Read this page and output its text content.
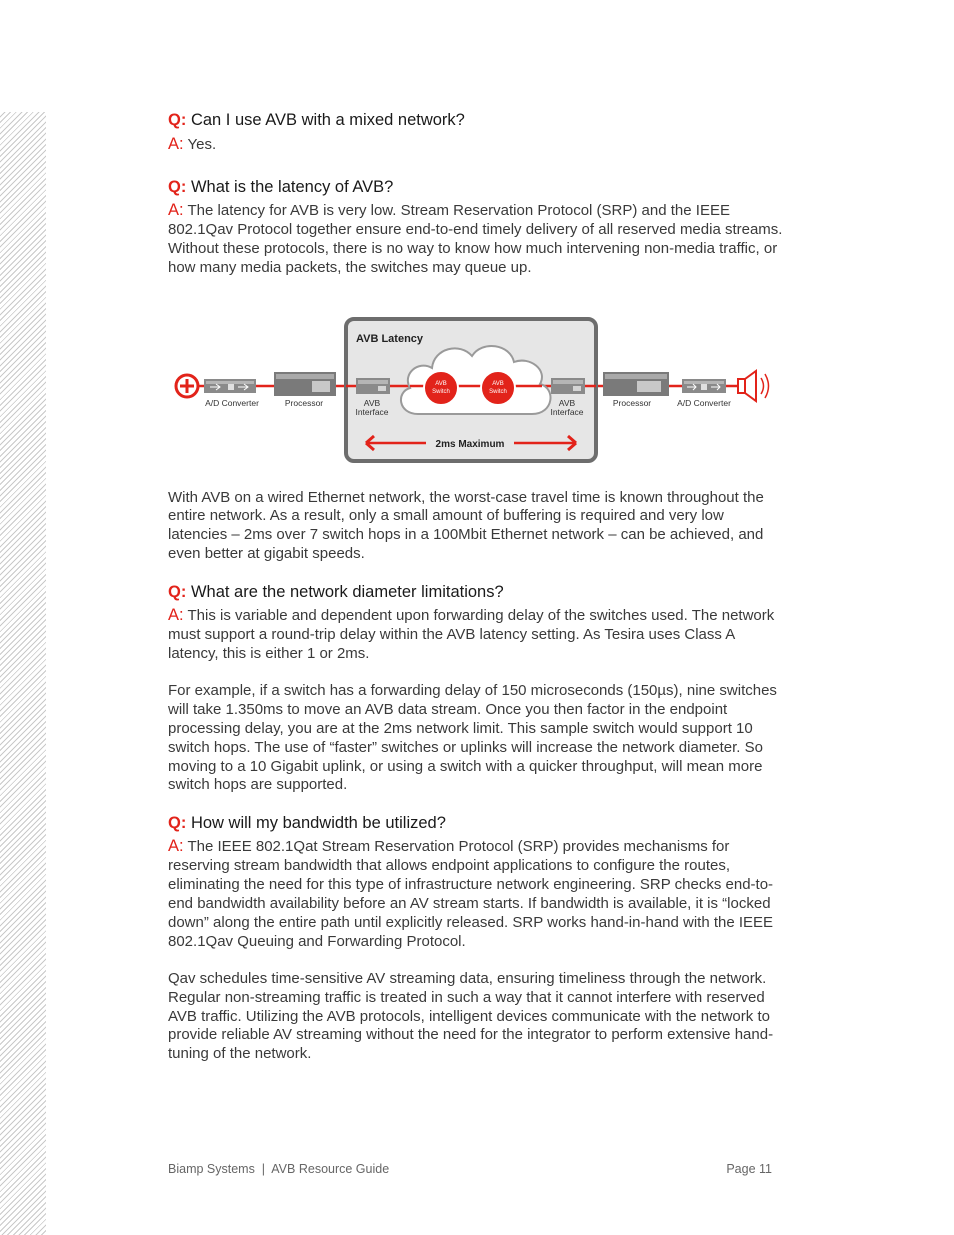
Q: Can I use AVB with a mixed network?

A: Yes.

Q: What is the latency of AVB?

A: The latency for AVB is very low. Stream Reservation Protocol (SRP) and the IEEE 802.1Qav Protocol together ensure end-to-end timely delivery of all reserved media streams. Without these protocols, there is no way to know how much intervening non-media traffic, or how many media packets, the switches may queue up.

With AVB on a wired Ethernet network, the worst-case travel time is known throughout the entire network. As a result, only a small amount of buffering is required and very low latencies – 2ms over 7 switch hops in a 100Mbit Ethernet network – can be achieved, and even better at gigabit speeds.

Q: What are the network diameter limitations?

A: This is variable and dependent upon forwarding delay of the switches used. The network must support a round-trip delay within the AVB latency setting. As Tesira uses Class A latency, this is either 1 or 2ms.

For example, if a switch has a forwarding delay of 150 microseconds (150µs), nine switches will take 1.350ms to move an AVB data stream. Once you then factor in the endpoint processing delay, you are at the 2ms network limit. This sample switch would support 10 switch hops. The use of “faster” switches or uplinks will increase the network diameter. So moving to a 10 Gigabit uplink, or using a switch with a quicker throughput, will mean more switch hops are supported.

Q: How will my bandwidth be utilized?

A: The IEEE 802.1Qat Stream Reservation Protocol (SRP) provides mechanisms for reserving stream bandwidth that allows endpoint applications to configure the routes, eliminating the need for this type of infrastructure network engineering. SRP checks end-to-end bandwidth availability before an AV stream starts. If bandwidth is available, it is “locked down” along the entire path until explicitly released. SRP works hand-in-hand with the IEEE 802.1Qav Queuing and Forwarding Protocol.

Qav schedules time-sensitive AV streaming data, ensuring timeliness through the network. Regular non-streaming traffic is treated in such a way that it cannot interfere with reserved AVB traffic. Utilizing the AVB protocols, intelligent devices communicate with the network to provide reliable AV streaming without the need for the integrator to perform extensive hand-tuning of the network.

AVB Latency
AVB
Switch
AVB
Switch
AVB
Interface
AVB
Interface
2ms Maximum
A/D Converter	Processor	Processor	A/D Converter
Biamp Systems  |  AVB Resource Guide	Page 11
